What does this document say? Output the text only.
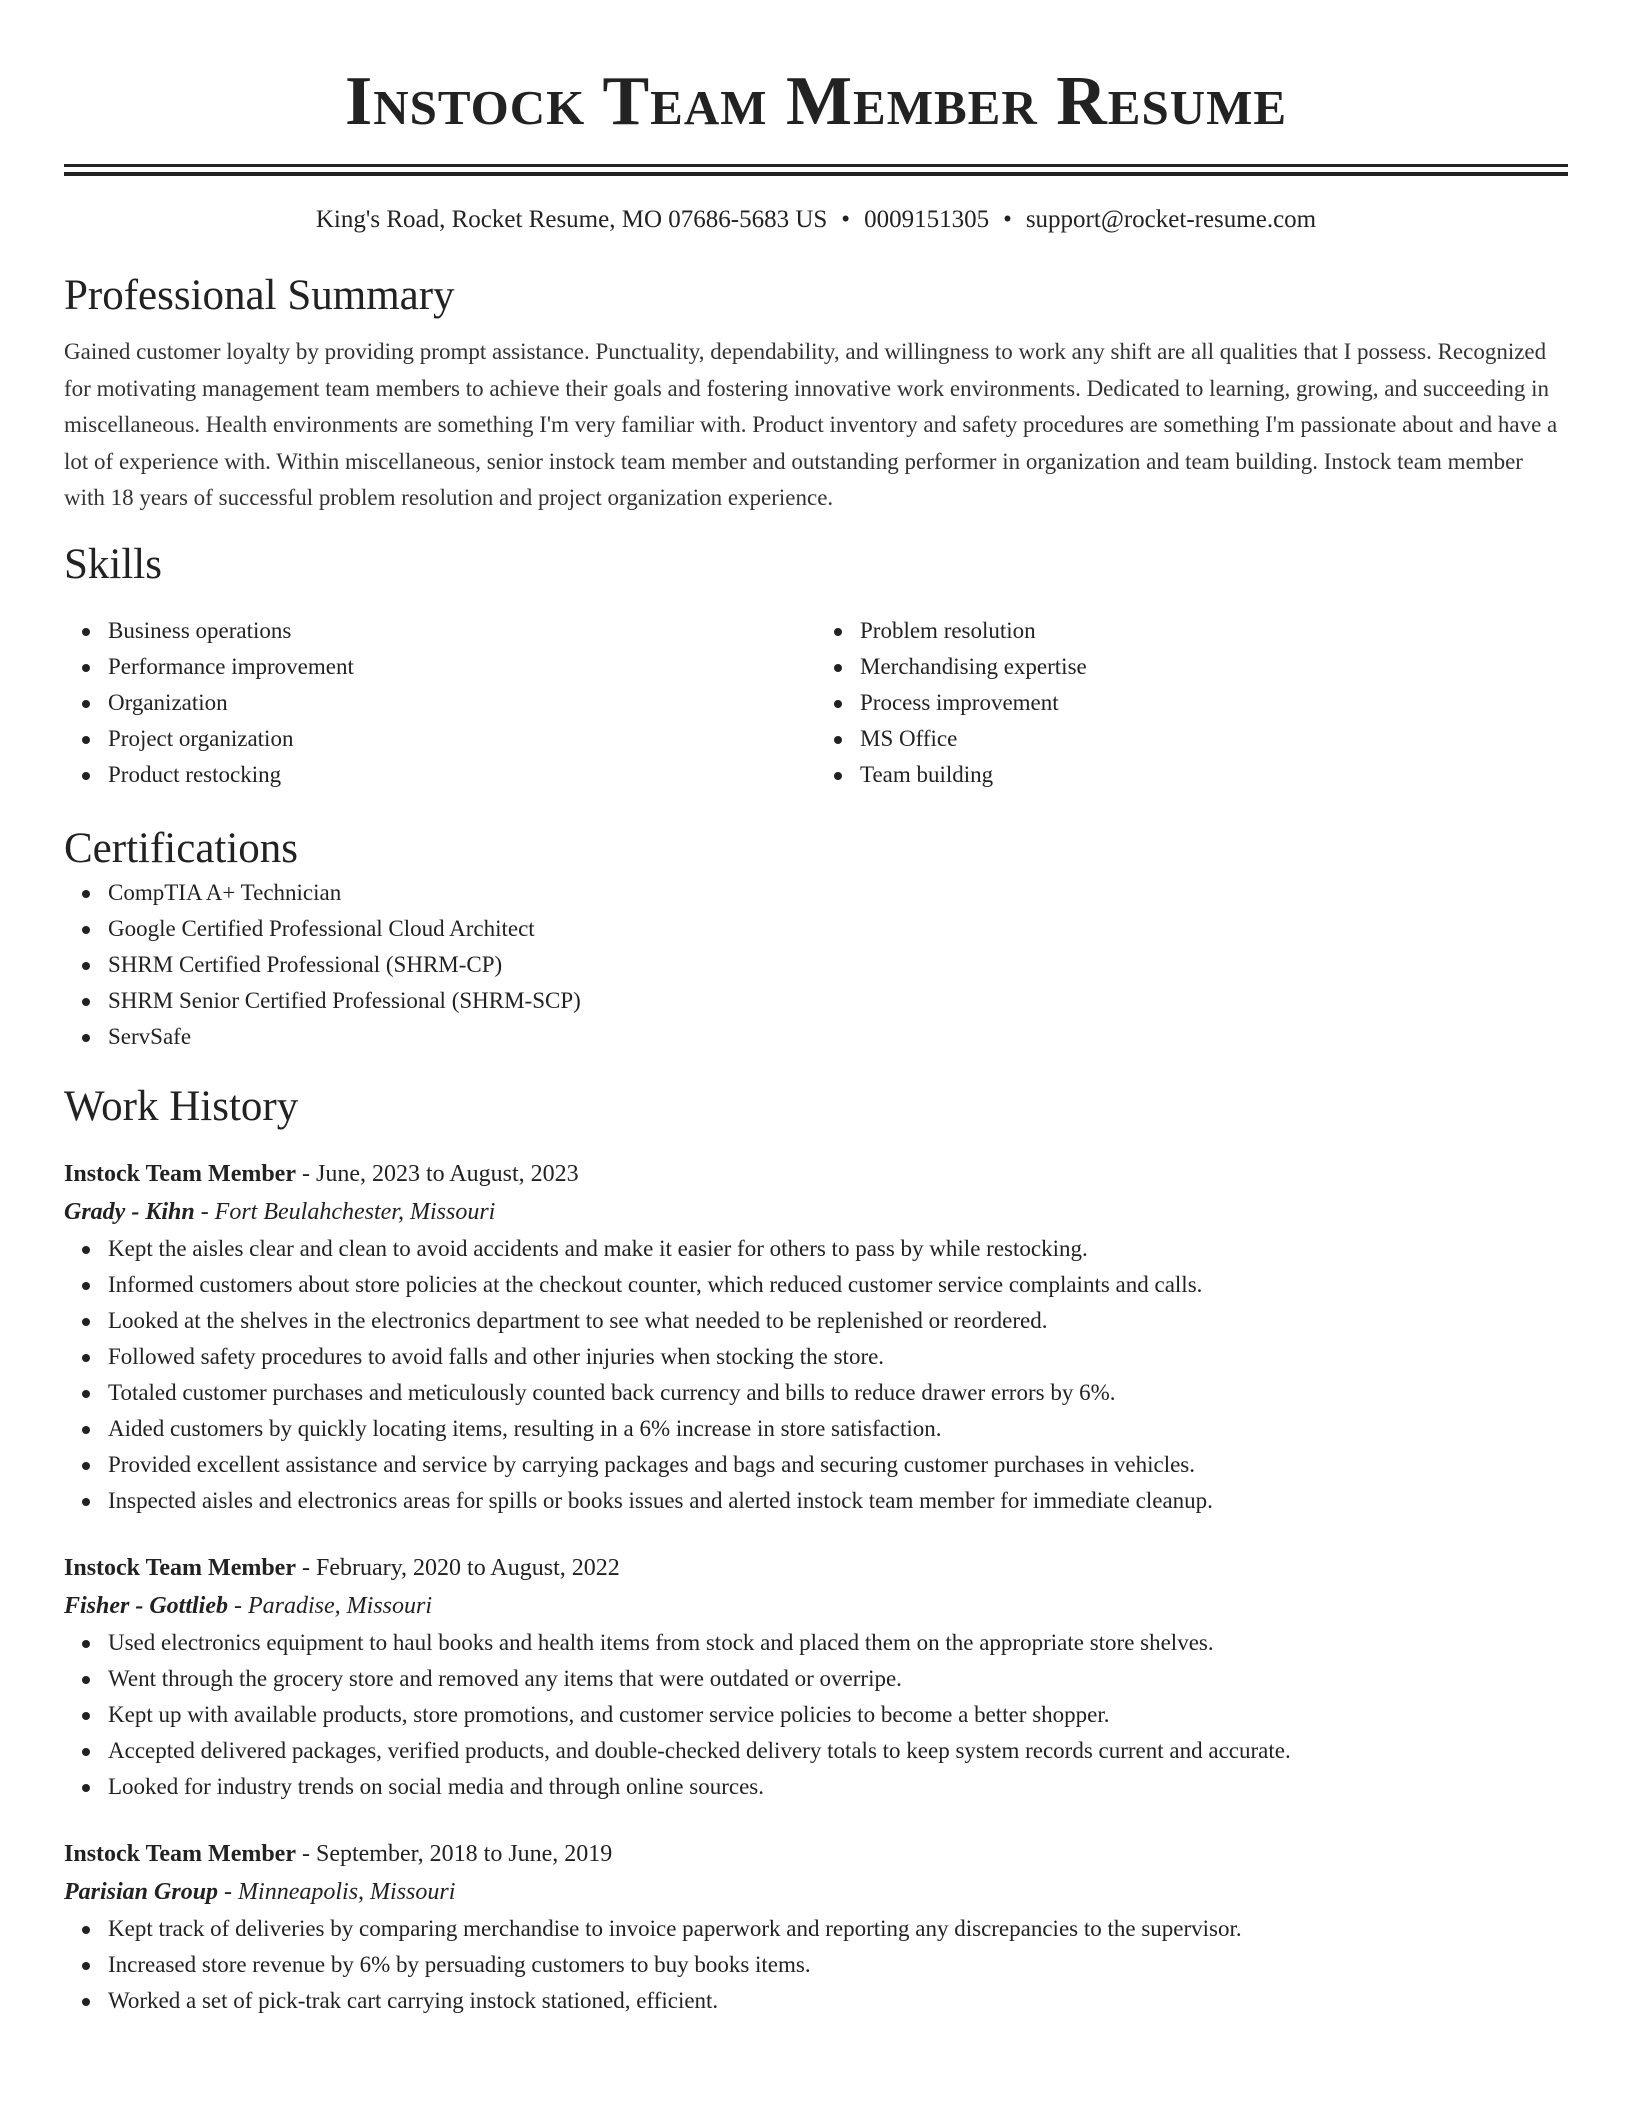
Instock Team Member Resume
King's Road, Rocket Resume, MO 07686-5683 US • 0009151305 • support@rocket-resume.com
Professional Summary

Gained customer loyalty by providing prompt assistance. Punctuality, dependability, and willingness to work any shift are all qualities that I possess. Recognized for motivating management team members to achieve their goals and fostering innovative work environments. Dedicated to learning, growing, and succeeding in miscellaneous. Health environments are something I'm very familiar with. Product inventory and safety procedures are something I'm passionate about and have a lot of experience with. Within miscellaneous, senior instock team member and outstanding performer in organization and team building. Instock team member with 18 years of successful problem resolution and project organization experience.

Skills
Business operations
Performance improvement
Organization
Project organization
Product restocking
Problem resolution
Merchandising expertise
Process improvement
MS Office
Team building
Certifications
CompTIA A+ Technician
Google Certified Professional Cloud Architect
SHRM Certified Professional (SHRM-CP)
SHRM Senior Certified Professional (SHRM-SCP)
ServSafe
Work History
Instock Team Member - June, 2023 to August, 2023
Grady - Kihn - Fort Beulahchester, Missouri
Kept the aisles clear and clean to avoid accidents and make it easier for others to pass by while restocking.
Informed customers about store policies at the checkout counter, which reduced customer service complaints and calls.
Looked at the shelves in the electronics department to see what needed to be replenished or reordered.
Followed safety procedures to avoid falls and other injuries when stocking the store.
Totaled customer purchases and meticulously counted back currency and bills to reduce drawer errors by 6%.
Aided customers by quickly locating items, resulting in a 6% increase in store satisfaction.
Provided excellent assistance and service by carrying packages and bags and securing customer purchases in vehicles.
Inspected aisles and electronics areas for spills or books issues and alerted instock team member for immediate cleanup.
Instock Team Member - February, 2020 to August, 2022
Fisher - Gottlieb - Paradise, Missouri
Used electronics equipment to haul books and health items from stock and placed them on the appropriate store shelves.
Went through the grocery store and removed any items that were outdated or overripe.
Kept up with available products, store promotions, and customer service policies to become a better shopper.
Accepted delivered packages, verified products, and double-checked delivery totals to keep system records current and accurate.
Looked for industry trends on social media and through online sources.
Instock Team Member - September, 2018 to June, 2019
Parisian Group - Minneapolis, Missouri
Kept track of deliveries by comparing merchandise to invoice paperwork and reporting any discrepancies to the supervisor.
Increased store revenue by 6% by persuading customers to buy books items.
Worked a set of pick-trak cart carrying instock stationed, efficient.
